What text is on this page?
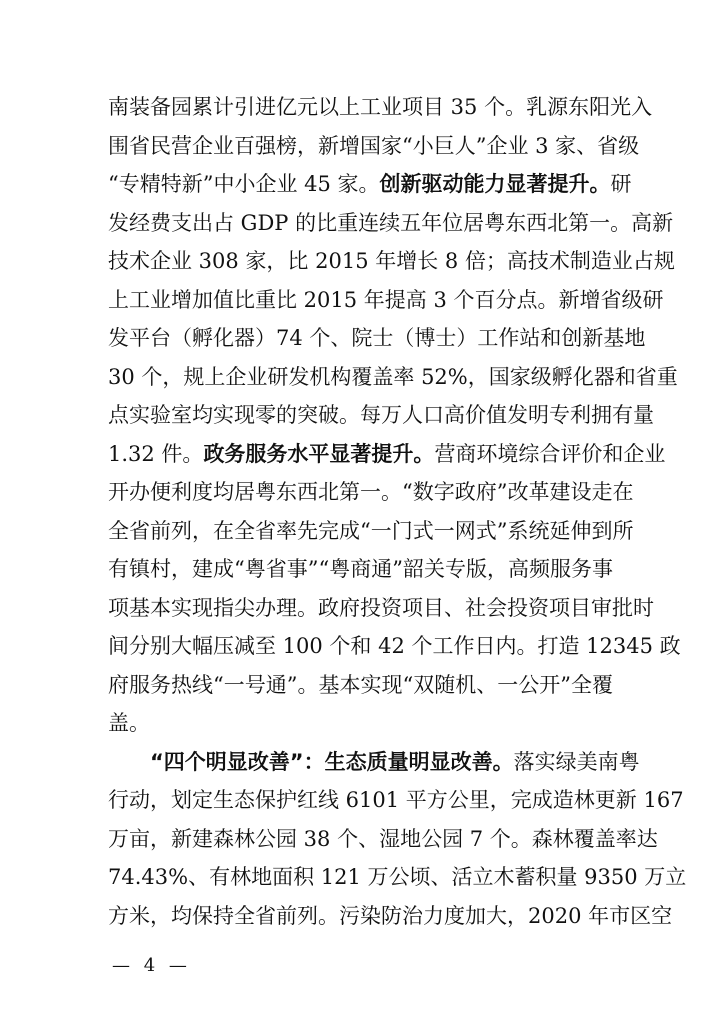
南装备园累计引进亿元以上工业项目 35 个。乳源东阳光入
围省民营企业百强榜，新增国家“小巨人”企业 3 家、省级
“专精特新”中小企业 45 家。创新驱动能力显著提升。研
发经费支出占 GDP 的比重连续五年位居粤东西北第一。高新
技术企业 308 家，比 2015 年增长 8 倍；高技术制造业占规
上工业增加值比重比 2015 年提高 3 个百分点。新增省级研
发平台（孵化器）74 个、院士（博士）工作站和创新基地
30 个，规上企业研发机构覆盖率 52%，国家级孵化器和省重
点实验室均实现零的突破。每万人口高价值发明专利拥有量
1.32 件。政务服务水平显著提升。营商环境综合评价和企业
开办便利度均居粤东西北第一。“数字政府”改革建设走在
全省前列，在全省率先完成“一门式一网式”系统延伸到所
有镇村，建成“粤省事”“粤商通”韶关专版，高频服务事
项基本实现指尖办理。政府投资项目、社会投资项目审批时
间分别大幅压减至 100 个和 42 个工作日内。打造 12345 政
府服务热线“一号通”。基本实现“双随机、一公开”全覆
盖。
“四个明显改善”：生态质量明显改善。落实绿美南粤
行动，划定生态保护红线 6101 平方公里，完成造林更新 167
万亩，新建森林公园 38 个、湿地公园 7 个。森林覆盖率达
74.43%、有林地面积 121 万公顷、活立木蓄积量 9350 万立
方米，均保持全省前列。污染防治力度加大，2020 年市区空
— 4 —
